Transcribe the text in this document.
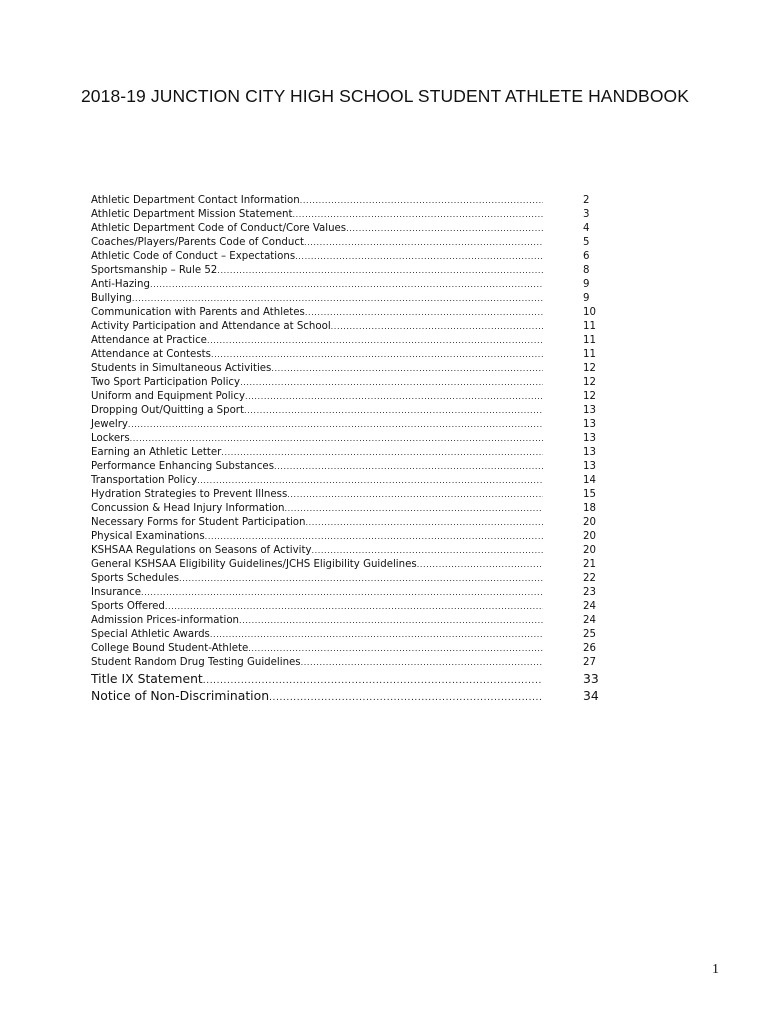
2018-19 JUNCTION CITY HIGH SCHOOL STUDENT ATHLETE HANDBOOK
Athletic Department Contact Information .....	2
Athletic Department Mission Statement .....	3
Athletic Department Code of Conduct/Core Values .....	4
Coaches/Players/Parents Code of Conduct .....	5
Athletic Code of Conduct – Expectations .....	6
Sportsmanship – Rule 52 .....	8
Anti-Hazing .....	9
Bullying .....	9
Communication with Parents and Athletes .....	10
Activity Participation and Attendance at School .....	11
Attendance at Practice .....	11
Attendance at Contests .....	11
Students in Simultaneous Activities .....	12
Two Sport Participation Policy .....	12
Uniform and Equipment Policy .....	12
Dropping Out/Quitting a Sport .....	13
Jewelry .....	13
Lockers .....	13
Earning an Athletic Letter .....	13
Performance Enhancing Substances .....	13
Transportation Policy .....	14
Hydration Strategies to Prevent Illness .....	15
Concussion & Head Injury Information .....	18
Necessary Forms for Student Participation .....	20
Physical Examinations .....	20
KSHSAA Regulations on Seasons of Activity .....	20
General KSHSAA Eligibility Guidelines/JCHS Eligibility Guidelines .....	21
Sports Schedules .....	22
Insurance .....	23
Sports Offered .....	24
Admission Prices-information .....	24
Special Athletic Awards .....	25
College Bound Student-Athlete .....	26
Student Random Drug Testing Guidelines .....	27
Title IX Statement .....	33
Notice of Non-Discrimination .....	34
1
